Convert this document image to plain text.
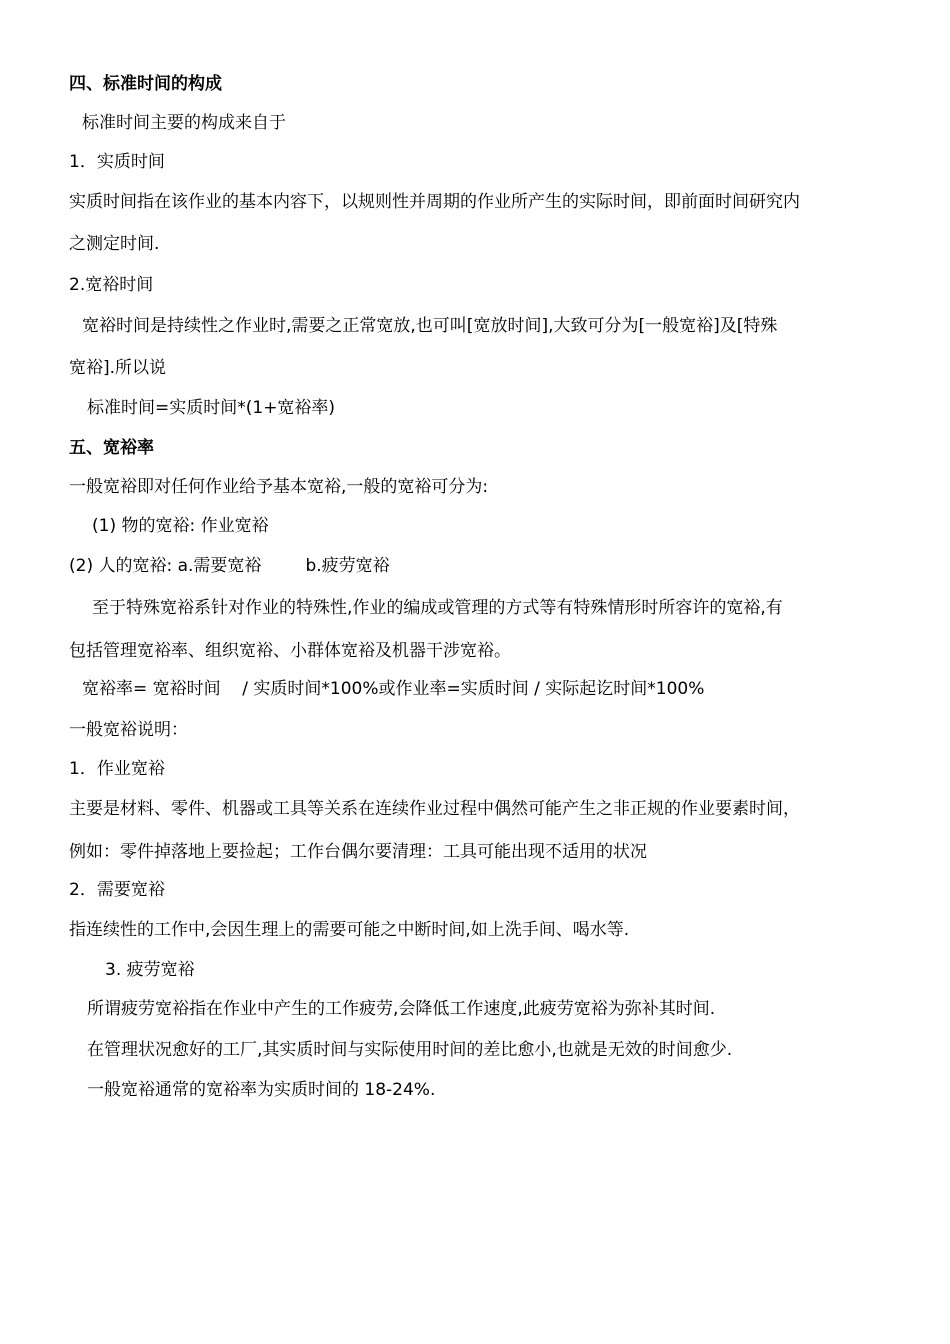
四、标准时间的构成
标准时间主要的构成来自于
1．实质时间
实质时间指在该作业的基本内容下，以规则性并周期的作业所产生的实际时间，即前面时间研究内
之测定时间.
2.宽裕时间
宽裕时间是持续性之作业时,需要之正常宽放,也可叫[宽放时间],大致可分为[一般宽裕]及[特殊
宽裕].所以说
标准时间=实质时间*(1+宽裕率)
五、宽裕率
一般宽裕即对任何作业给予基本宽裕,一般的宽裕可分为:
(1) 物的宽裕: 作业宽裕
(2) 人的宽裕: a.需要宽裕	b.疲劳宽裕
至于特殊宽裕系针对作业的特殊性,作业的编成或管理的方式等有特殊情形时所容许的宽裕,有
包括管理宽裕率、组织宽裕、小群体宽裕及机器干涉宽裕。
宽裕率= 宽裕时间    / 实质时间*100%或作业率=实质时间 / 实际起讫时间*100%
一般宽裕说明：
1．作业宽裕
主要是材料、零件、机器或工具等关系在连续作业过程中偶然可能产生之非正规的作业要素时间，
例如：零件掉落地上要捡起；工作台偶尔要清理：工具可能出现不适用的状况
2．需要宽裕
指连续性的工作中,会因生理上的需要可能之中断时间,如上洗手间、喝水等.
3. 疲劳宽裕
所谓疲劳宽裕指在作业中产生的工作疲劳,会降低工作速度,此疲劳宽裕为弥补其时间.
在管理状况愈好的工厂,其实质时间与实际使用时间的差比愈小,也就是无效的时间愈少.
一般宽裕通常的宽裕率为实质时间的 18-24%.
